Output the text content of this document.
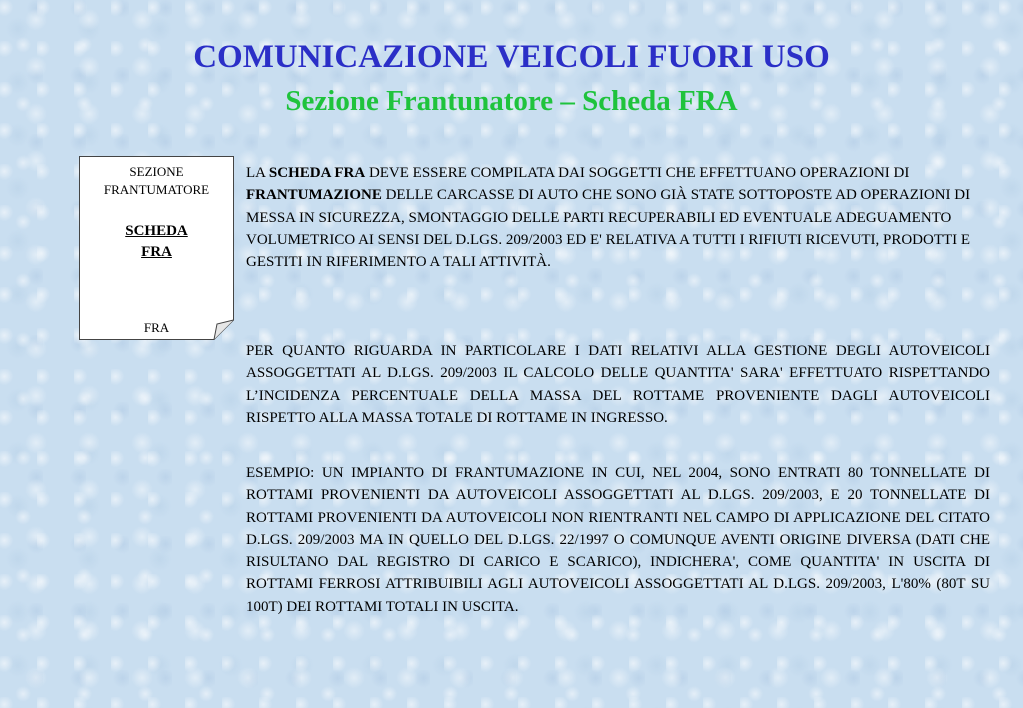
COMUNICAZIONE VEICOLI FUORI USO
Sezione Frantunatore – Scheda FRA
SEZIONE
FRANTUMATORE
SCHEDA
FRA
FRA
LA SCHEDA FRA DEVE ESSERE COMPILATA DAI SOGGETTI CHE EFFETTUANO OPERAZIONI DI FRANTUMAZIONE DELLE CARCASSE DI AUTO CHE SONO GIÀ STATE SOTTOPOSTE AD OPERAZIONI DI MESSA IN SICUREZZA, SMONTAGGIO DELLE PARTI RECUPERABILI ED EVENTUALE ADEGUAMENTO VOLUMETRICO AI SENSI DEL D.LGS. 209/2003 ED E' RELATIVA A TUTTI I RIFIUTI RICEVUTI, PRODOTTI E GESTITI IN RIFERIMENTO A TALI ATTIVITÀ.
PER QUANTO RIGUARDA IN PARTICOLARE I DATI RELATIVI ALLA GESTIONE DEGLI AUTOVEICOLI ASSOGGETTATI AL D.LGS. 209/2003 IL CALCOLO DELLE QUANTITA' SARA' EFFETTUATO RISPETTANDO L’INCIDENZA PERCENTUALE DELLA MASSA DEL ROTTAME PROVENIENTE DAGLI AUTOVEICOLI RISPETTO ALLA MASSA TOTALE DI ROTTAME IN INGRESSO.
ESEMPIO: UN IMPIANTO DI FRANTUMAZIONE IN CUI, NEL 2004, SONO ENTRATI 80 TONNELLATE DI ROTTAMI PROVENIENTI DA AUTOVEICOLI ASSOGGETTATI AL D.LGS. 209/2003, E 20 TONNELLATE DI ROTTAMI PROVENIENTI DA AUTOVEICOLI NON RIENTRANTI NEL CAMPO DI APPLICAZIONE DEL CITATO D.LGS. 209/2003 MA IN QUELLO DEL D.LGS. 22/1997 O COMUNQUE AVENTI ORIGINE DIVERSA (DATI CHE RISULTANO DAL REGISTRO DI CARICO E SCARICO), INDICHERA', COME QUANTITA' IN USCITA DI ROTTAMI FERROSI ATTRIBUIBILI AGLI AUTOVEICOLI ASSOGGETTATI AL D.LGS. 209/2003, L'80% (80T SU 100T) DEI ROTTAMI TOTALI IN USCITA.
